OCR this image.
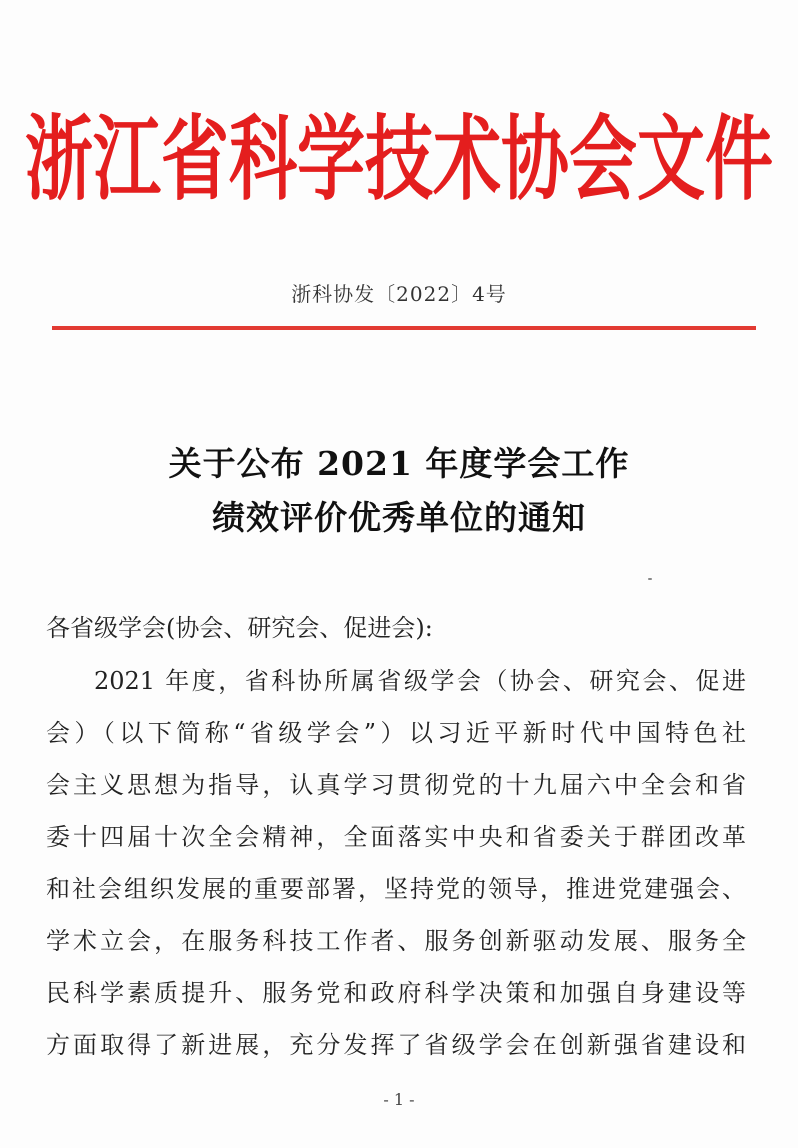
浙江省科学技术协会文件
浙科协发〔2022〕4号
关于公布 2021 年度学会工作
绩效评价优秀单位的通知
各省级学会(协会、研究会、促进会):
2021 年度，省科协所属省级学会（协会、研究会、促进
会）（以下简称“省级学会”）以习近平新时代中国特色社
会主义思想为指导，认真学习贯彻党的十九届六中全会和省
委十四届十次全会精神，全面落实中央和省委关于群团改革
和社会组织发展的重要部署，坚持党的领导，推进党建强会、
学术立会，在服务科技工作者、服务创新驱动发展、服务全
民科学素质提升、服务党和政府科学决策和加强自身建设等
方面取得了新进展，充分发挥了省级学会在创新强省建设和
- 1 -
